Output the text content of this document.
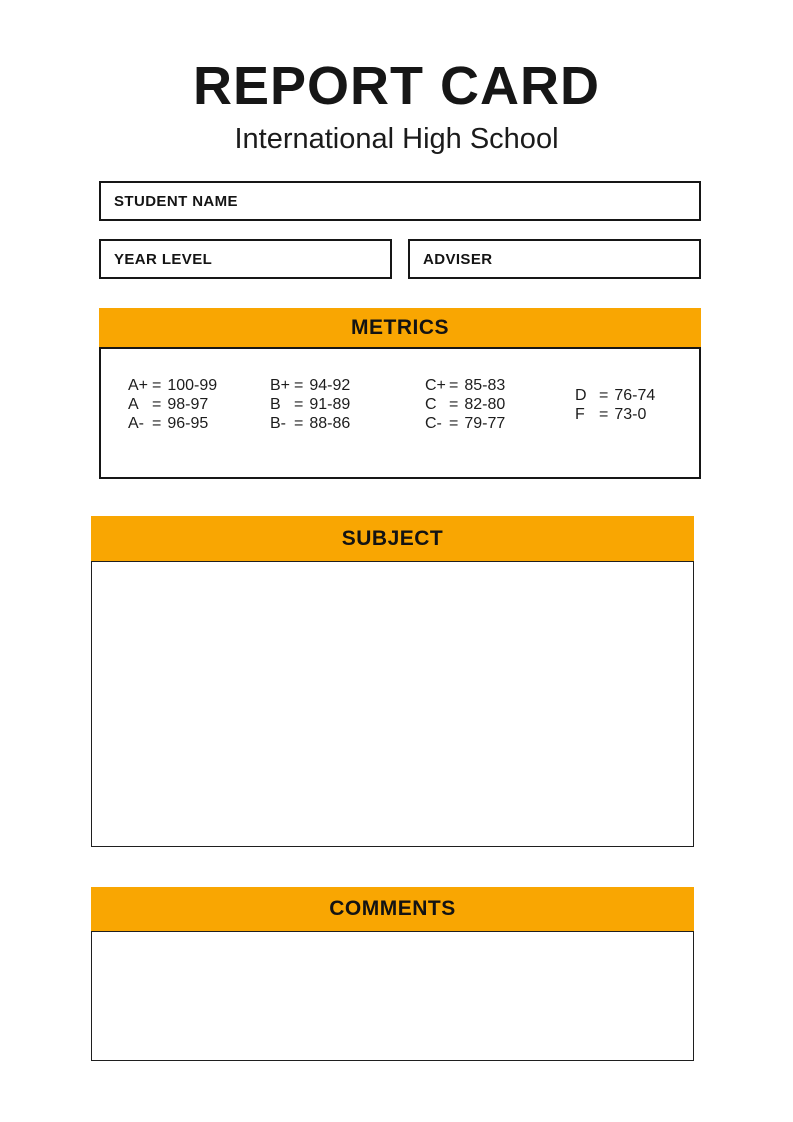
REPORT CARD
International High School
STUDENT NAME
YEAR LEVEL	ADVISER
METRICS
A+ = 100-99
A = 98-97
A- = 96-95
B+ = 94-92
B = 91-89
B- = 88-86
C+ = 85-83
C = 82-80
C- = 79-77
D = 76-74
F = 73-0
SUBJECT
COMMENTS
